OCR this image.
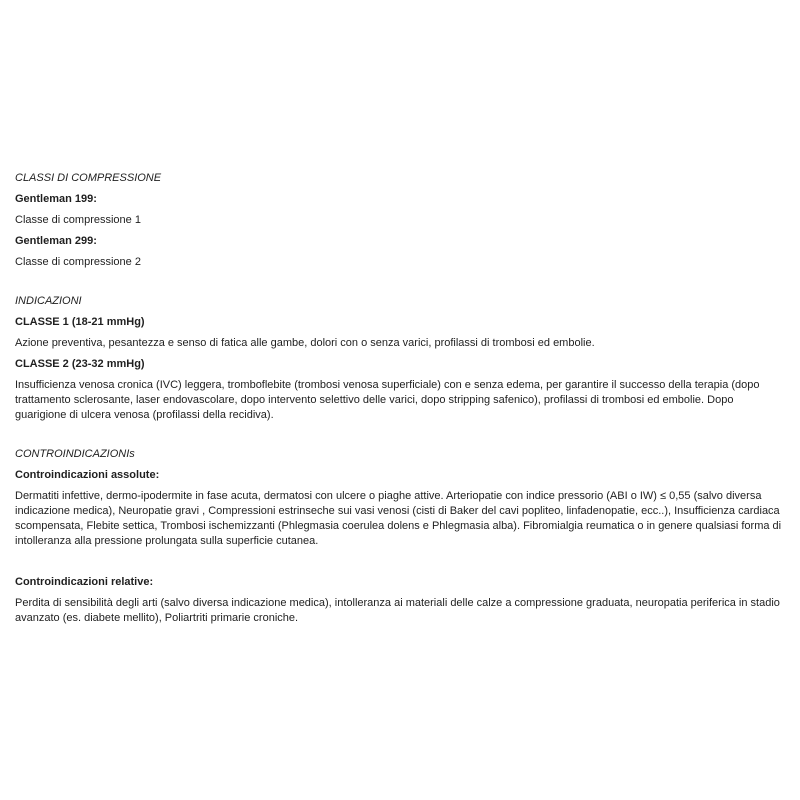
CLASSI DI COMPRESSIONE

Gentleman 199:

Classe di compressione 1

Gentleman 299:

Classe di compressione 2

INDICAZIONI

CLASSE 1 (18-21 mmHg)

Azione preventiva, pesantezza e senso di fatica alle gambe, dolori con o senza varici, profilassi di trombosi ed embolie.

CLASSE 2 (23-32 mmHg)

Insufficienza venosa cronica (IVC) leggera, tromboflebite (trombosi venosa superficiale) con e senza edema, per garantire il successo della terapia (dopo trattamento sclerosante, laser endovascolare, dopo intervento selettivo delle varici, dopo stripping safenico), profilassi di trombosi ed embolie. Dopo guarigione di ulcera venosa (profilassi della recidiva).

CONTROINDICAZIONIs

Controindicazioni assolute:

Dermatiti infettive, dermo-ipodermite in fase acuta, dermatosi con ulcere o piaghe attive. Arteriopatie con indice pressorio (ABI o IW) ≤ 0,55 (salvo diversa indicazione medica), Neuropatie gravi , Compressioni estrinseche sui vasi venosi (cisti di Baker del cavi popliteo, linfadenopatie, ecc..), Insufficienza cardiaca scompensata, Flebite settica, Trombosi ischemizzanti (Phlegmasia coerulea dolens e Phlegmasia alba). Fibromialgia reumatica o in genere qualsiasi forma di intolleranza alla pressione prolungata sulla superficie cutanea.

Controindicazioni relative:

Perdita di sensibilità degli arti (salvo diversa indicazione medica), intolleranza ai materiali delle calze a compressione graduata, neuropatia periferica in stadio avanzato (es. diabete mellito), Poliartriti primarie croniche.
